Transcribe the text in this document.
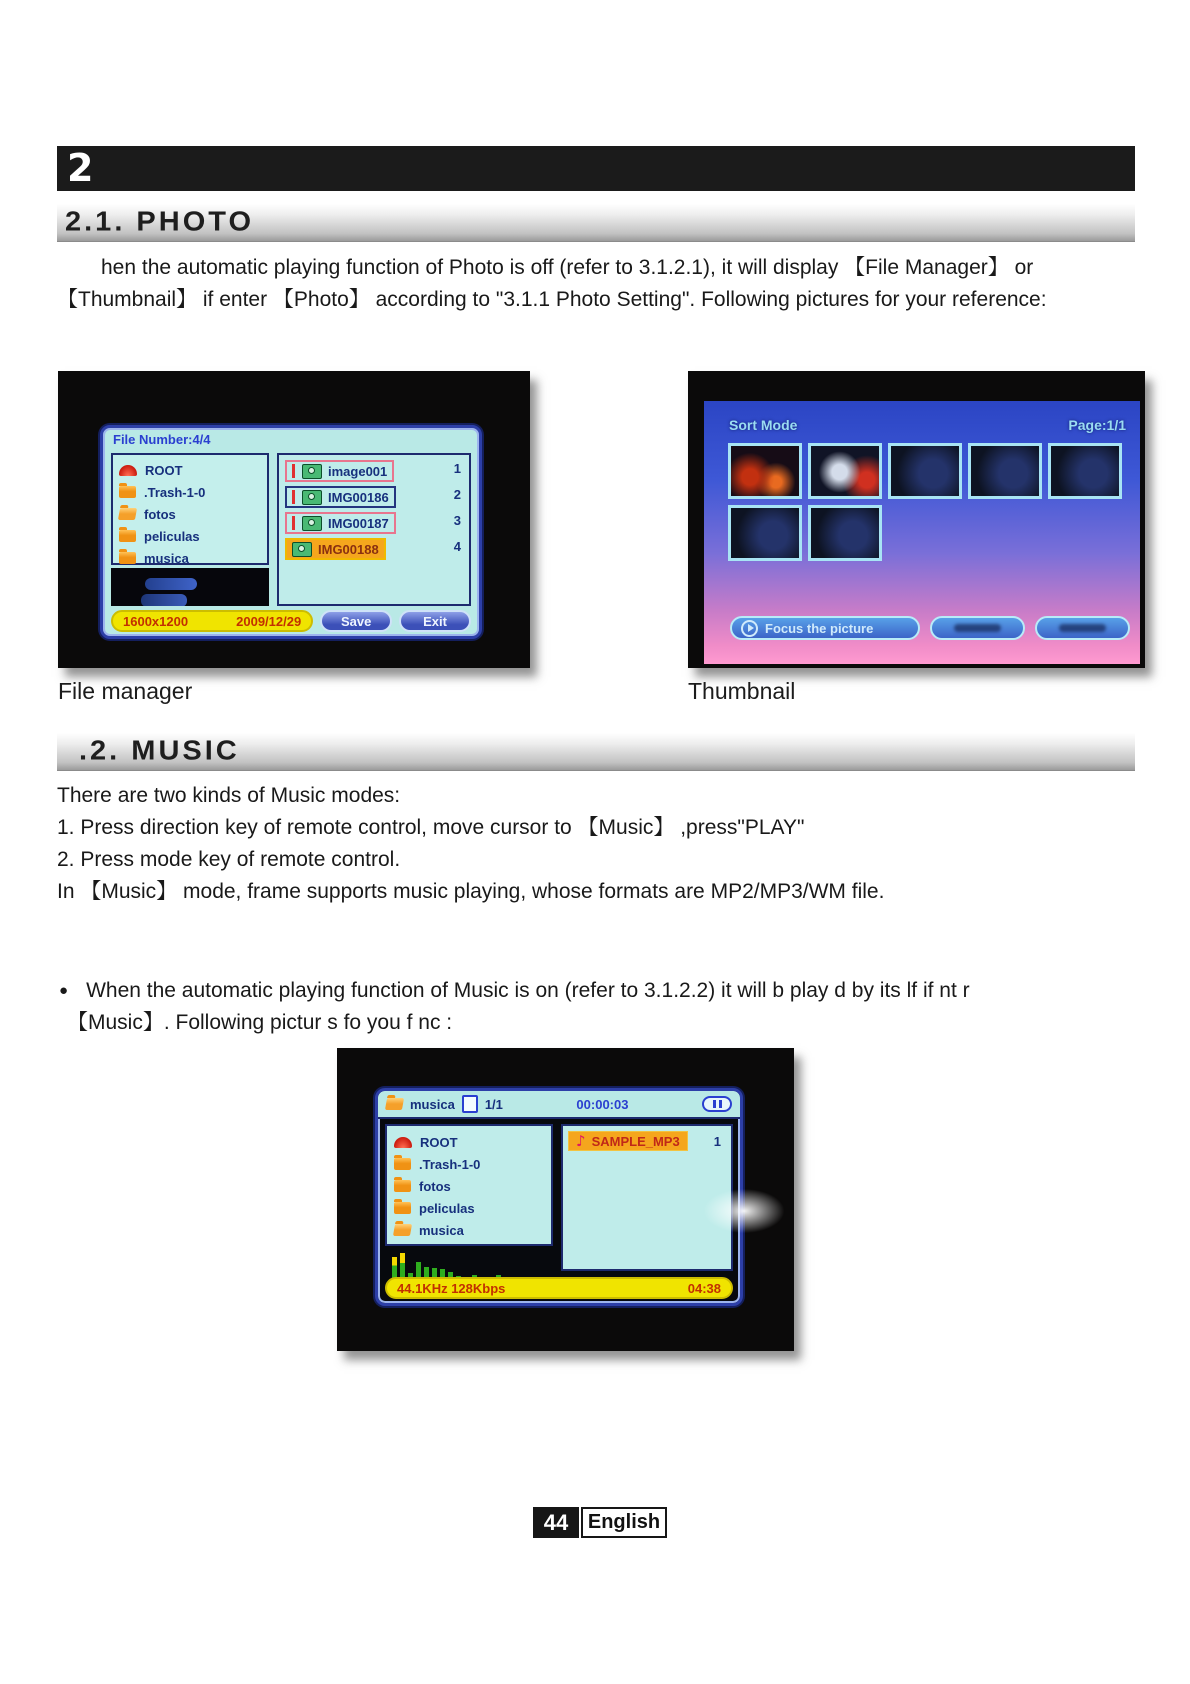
2
2.1. PHOTO
hen the automatic playing function of Photo is off (refer to 3.1.2.1), it will display 【File Manager】 or
【Thumbnail】 if enter 【Photo】 according to "3.1.1 Photo Setting". Following pictures for your reference:
File Number:4/4
ROOT
.Trash-1-0
fotos
peliculas
musica
image001
IMG00186
IMG00187
IMG00188
1
2
3
4
1600x1200	2009/12/29	Save	Exit
Sort Mode	Page:1/1
Focus the picture
File manager	Thumbnail
.2. MUSIC
There are two kinds of Music modes:
1. Press direction key of remote control, move cursor to 【Music】 ,press"PLAY"
2. Press mode key of remote control.
In 【Music】 mode, frame supports music playing, whose formats are MP2/MP3/WM file.
● When the automatic playing function of Music is on (refer to 3.1.2.2) it will b play d by its lf if nt r
【Music】. Following pictur s fo you f nc :
musica 1/1	00:00:03
ROOT
.Trash-1-0
fotos
peliculas
musica
♪ SAMPLE_MP3	1
44.1KHz 128Kbps	04:38
44 English
